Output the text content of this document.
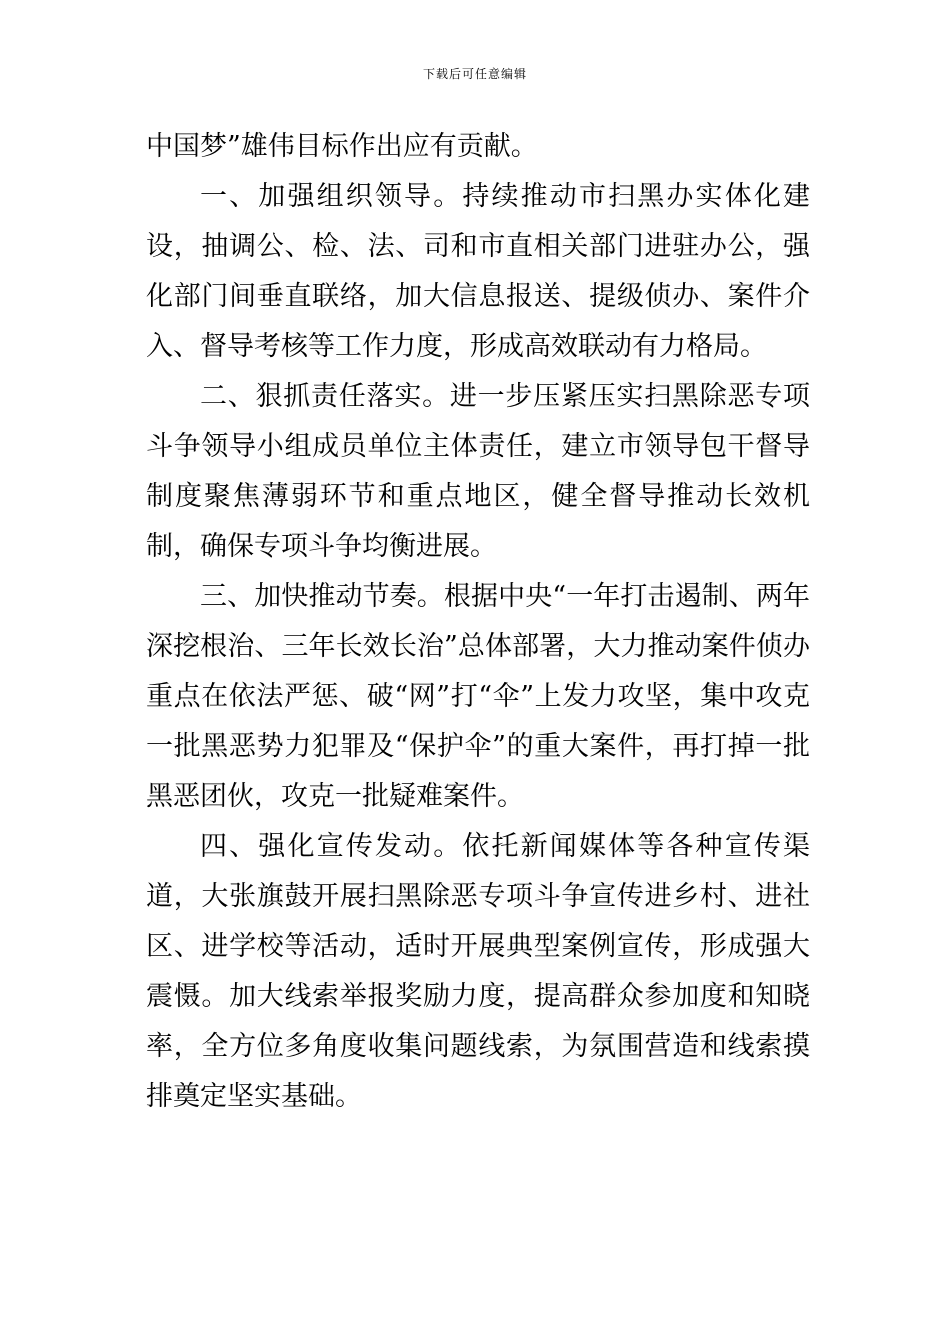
下载后可任意编辑

中国梦”雄伟目标作出应有贡献。

一、加强组织领导。持续推动市扫黑办实体化建设，抽调公、检、法、司和市直相关部门进驻办公，强化部门间垂直联络，加大信息报送、提级侦办、案件介入、督导考核等工作力度，形成高效联动有力格局。

二、狠抓责任落实。进一步压紧压实扫黑除恶专项斗争领导小组成员单位主体责任，建立市领导包干督导制度聚焦薄弱环节和重点地区，健全督导推动长效机制，确保专项斗争均衡进展。

三、加快推动节奏。根据中央“一年打击遏制、两年深挖根治、三年长效长治”总体部署，大力推动案件侦办重点在依法严惩、破“网”打“伞”上发力攻坚，集中攻克一批黑恶势力犯罪及“保护伞”的重大案件，再打掉一批黑恶团伙，攻克一批疑难案件。

四、强化宣传发动。依托新闻媒体等各种宣传渠道，大张旗鼓开展扫黑除恶专项斗争宣传进乡村、进社区、进学校等活动，适时开展典型案例宣传，形成强大震慑。加大线索举报奖励力度，提高群众参加度和知晓率，全方位多角度收集问题线索，为氛围营造和线索摸排奠定坚实基础。
